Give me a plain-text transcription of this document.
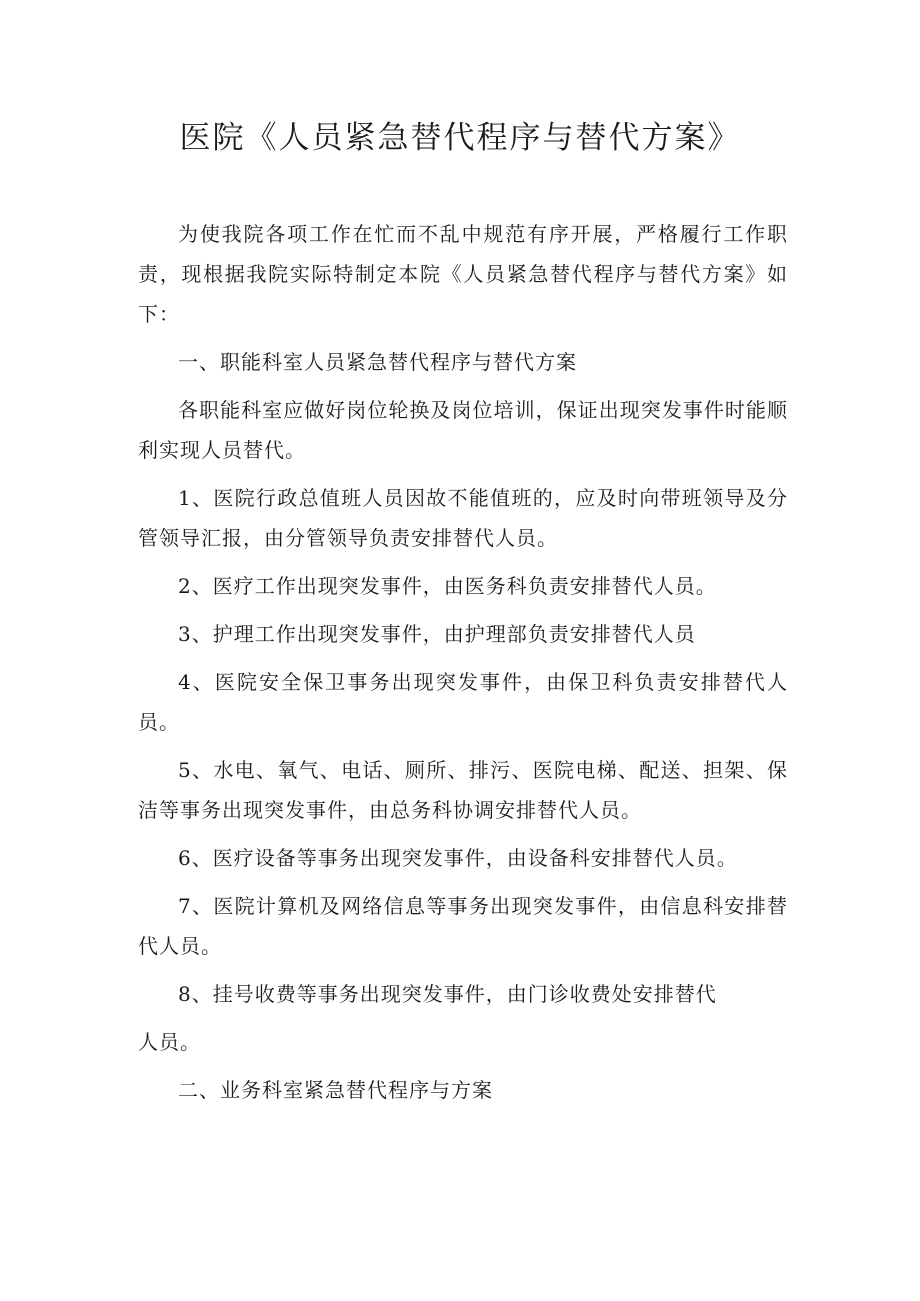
医院《人员紧急替代程序与替代方案》

为使我院各项工作在忙而不乱中规范有序开展，严格履行工作职责，现根据我院实际特制定本院《人员紧急替代程序与替代方案》如下：

一、职能科室人员紧急替代程序与替代方案

各职能科室应做好岗位轮换及岗位培训，保证出现突发事件时能顺利实现人员替代。

1、医院行政总值班人员因故不能值班的，应及时向带班领导及分管领导汇报，由分管领导负责安排替代人员。

2、医疗工作出现突发事件，由医务科负责安排替代人员。

3、护理工作出现突发事件，由护理部负责安排替代人员

4、医院安全保卫事务出现突发事件，由保卫科负责安排替代人员。

5、水电、氧气、电话、厕所、排污、医院电梯、配送、担架、保洁等事务出现突发事件，由总务科协调安排替代人员。

6、医疗设备等事务出现突发事件，由设备科安排替代人员。

7、医院计算机及网络信息等事务出现突发事件，由信息科安排替代人员。

8、挂号收费等事务出现突发事件，由门诊收费处安排替代

人员。

二、业务科室紧急替代程序与方案
